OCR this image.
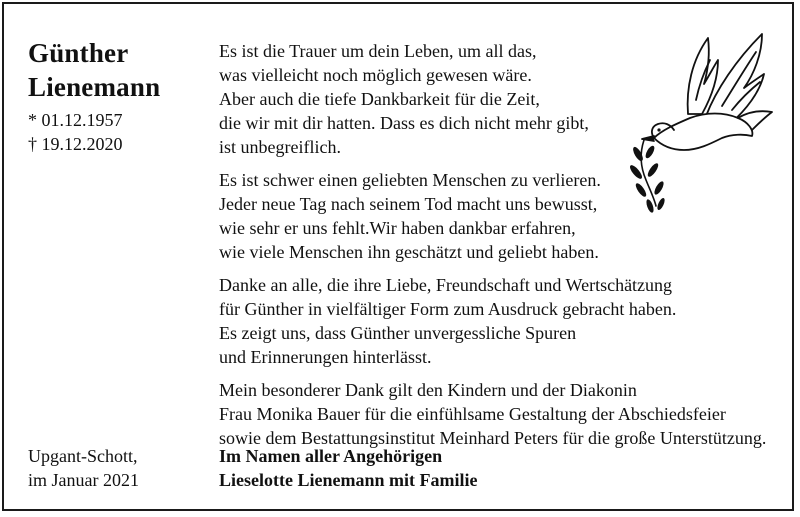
Günther
Lienemann
* 01.12.1957
† 19.12.2020
Es ist die Trauer um dein Leben, um all das,
was vielleicht noch möglich gewesen wäre.
Aber auch die tiefe Dankbarkeit für die Zeit,
die wir mit dir hatten. Dass es dich nicht mehr gibt,
ist unbegreiflich.
Es ist schwer einen geliebten Menschen zu verlieren.
Jeder neue Tag nach seinem Tod macht uns bewusst,
wie sehr er uns fehlt.Wir haben dankbar erfahren,
wie viele Menschen ihn geschätzt und geliebt haben.
Danke an alle, die ihre Liebe, Freundschaft und Wertschätzung
für Günther in vielfältiger Form zum Ausdruck gebracht haben.
Es zeigt uns, dass Günther unvergessliche Spuren
und Erinnerungen hinterlässt.
Mein besonderer Dank gilt den Kindern und der Diakonin
Frau Monika Bauer für die einfühlsame Gestaltung der Abschiedsfeier
sowie dem Bestattungsinstitut Meinhard Peters für die große Unterstützung.
Upgant-Schott,
im Januar 2021
Im Namen aller Angehörigen
Lieselotte Lienemann mit Familie
